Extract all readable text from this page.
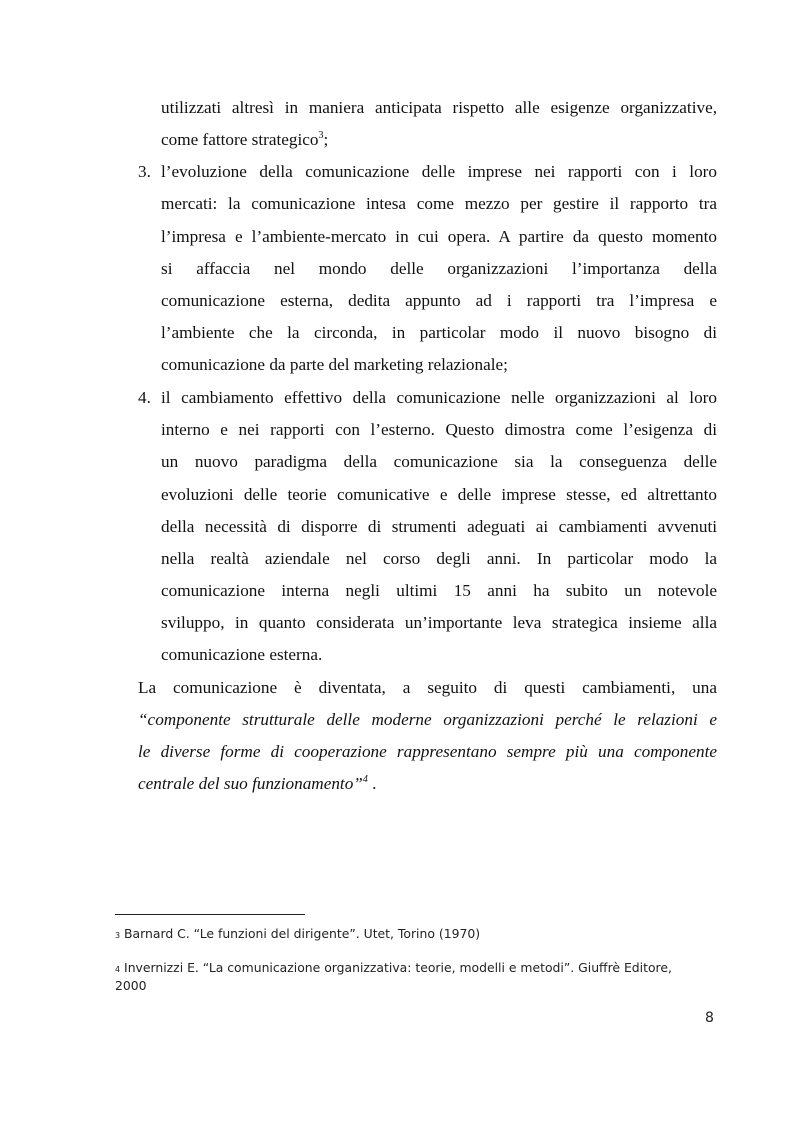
utilizzati altresì in maniera anticipata rispetto alle esigenze organizzative,
come fattore strategico$^3$;
3. l’evoluzione della comunicazione delle imprese nei rapporti con i loro
mercati: la comunicazione intesa come mezzo per gestire il rapporto tra
l’impresa e l’ambiente-mercato in cui opera. A partire da questo momento
si affaccia nel mondo delle organizzazioni l’importanza della
comunicazione esterna, dedita appunto ad i rapporti tra l’impresa e
l’ambiente che la circonda, in particolar modo il nuovo bisogno di
comunicazione da parte del marketing relazionale;
4. il cambiamento effettivo della comunicazione nelle organizzazioni al loro
interno e nei rapporti con l’esterno. Questo dimostra come l’esigenza di
un nuovo paradigma della comunicazione sia la conseguenza delle
evoluzioni delle teorie comunicative e delle imprese stesse, ed altrettanto
della necessità di disporre di strumenti adeguati ai cambiamenti avvenuti
nella realtà aziendale nel corso degli anni. In particolar modo la
comunicazione interna negli ultimi 15 anni ha subito un notevole
sviluppo, in quanto considerata un’importante leva strategica insieme alla
comunicazione esterna.
La comunicazione è diventata, a seguito di questi cambiamenti, una
“componente strutturale delle moderne organizzazioni perché le relazioni e
le diverse forme di cooperazione rappresentano sempre più una componente
centrale del suo funzionamento”$^4$ .
3 Barnard C. “Le funzioni del dirigente”. Utet, Torino (1970)
4 Invernizzi E. “La comunicazione organizzativa: teorie, modelli e metodi”. Giuffrè Editore,
2000
8
